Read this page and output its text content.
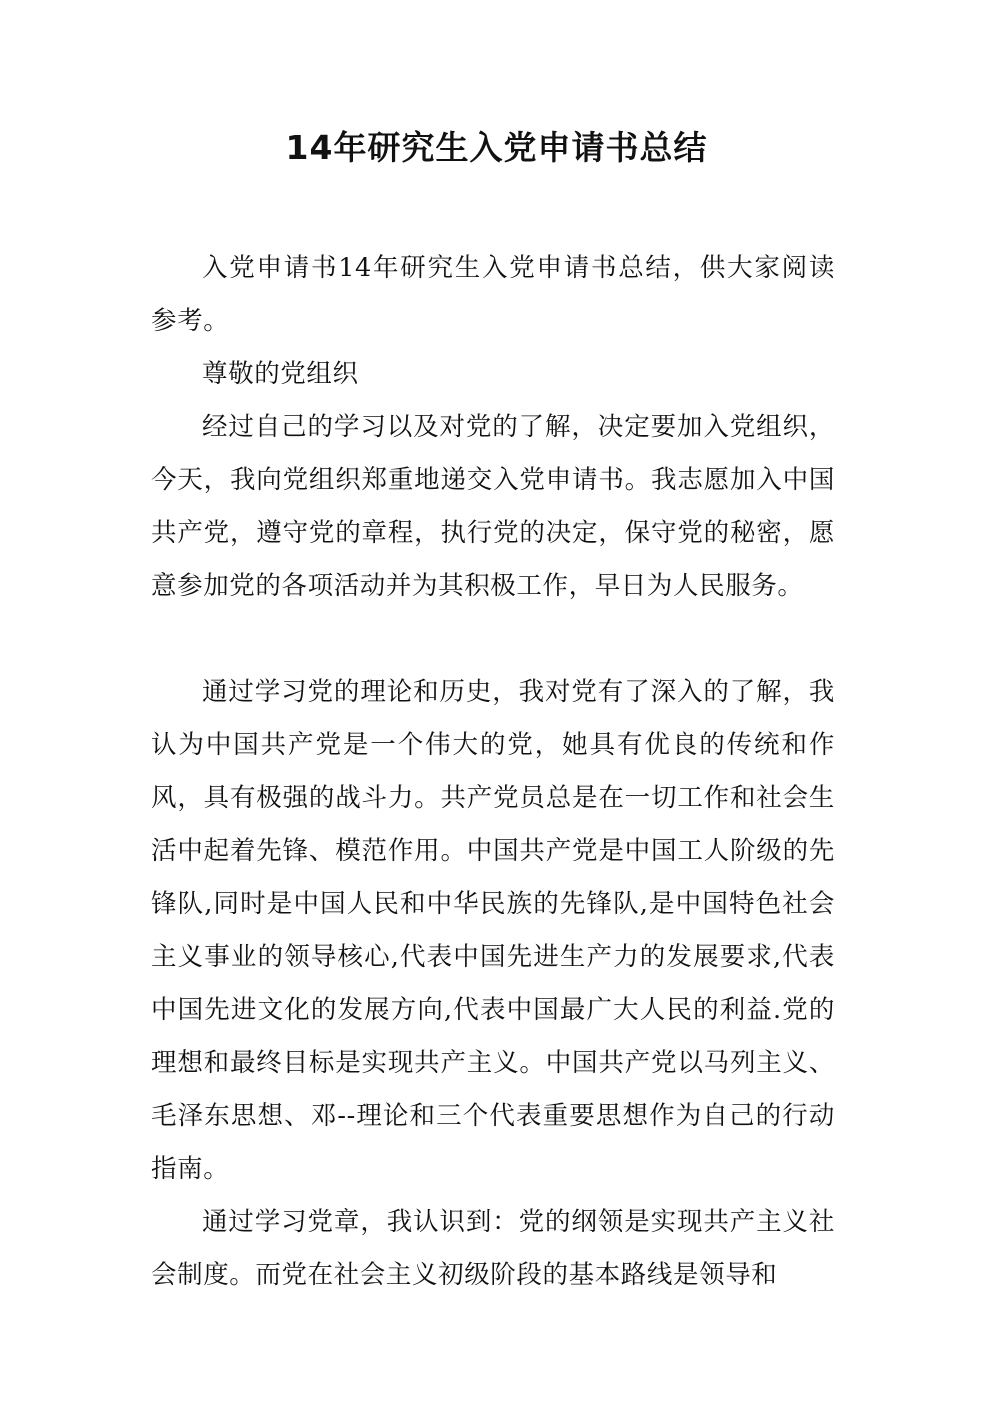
14年研究生入党申请书总结

入党申请书14年研究生入党申请书总结，供大家阅读参考。

尊敬的党组织

经过自己的学习以及对党的了解，决定要加入党组织，今天，我向党组织郑重地递交入党申请书。我志愿加入中国共产党，遵守党的章程，执行党的决定，保守党的秘密，愿意参加党的各项活动并为其积极工作，早日为人民服务。

通过学习党的理论和历史，我对党有了深入的了解，我认为中国共产党是一个伟大的党，她具有优良的传统和作风，具有极强的战斗力。共产党员总是在一切工作和社会生活中起着先锋、模范作用。中国共产党是中国工人阶级的先锋队,同时是中国人民和中华民族的先锋队,是中国特色社会主义事业的领导核心,代表中国先进生产力的发展要求,代表中国先进文化的发展方向,代表中国最广大人民的利益.党的理想和最终目标是实现共产主义。中国共产党以马列主义、毛泽东思想、邓--理论和三个代表重要思想作为自己的行动指南。

通过学习党章，我认识到：党的纲领是实现共产主义社会制度。而党在社会主义初级阶段的基本路线是领导和
